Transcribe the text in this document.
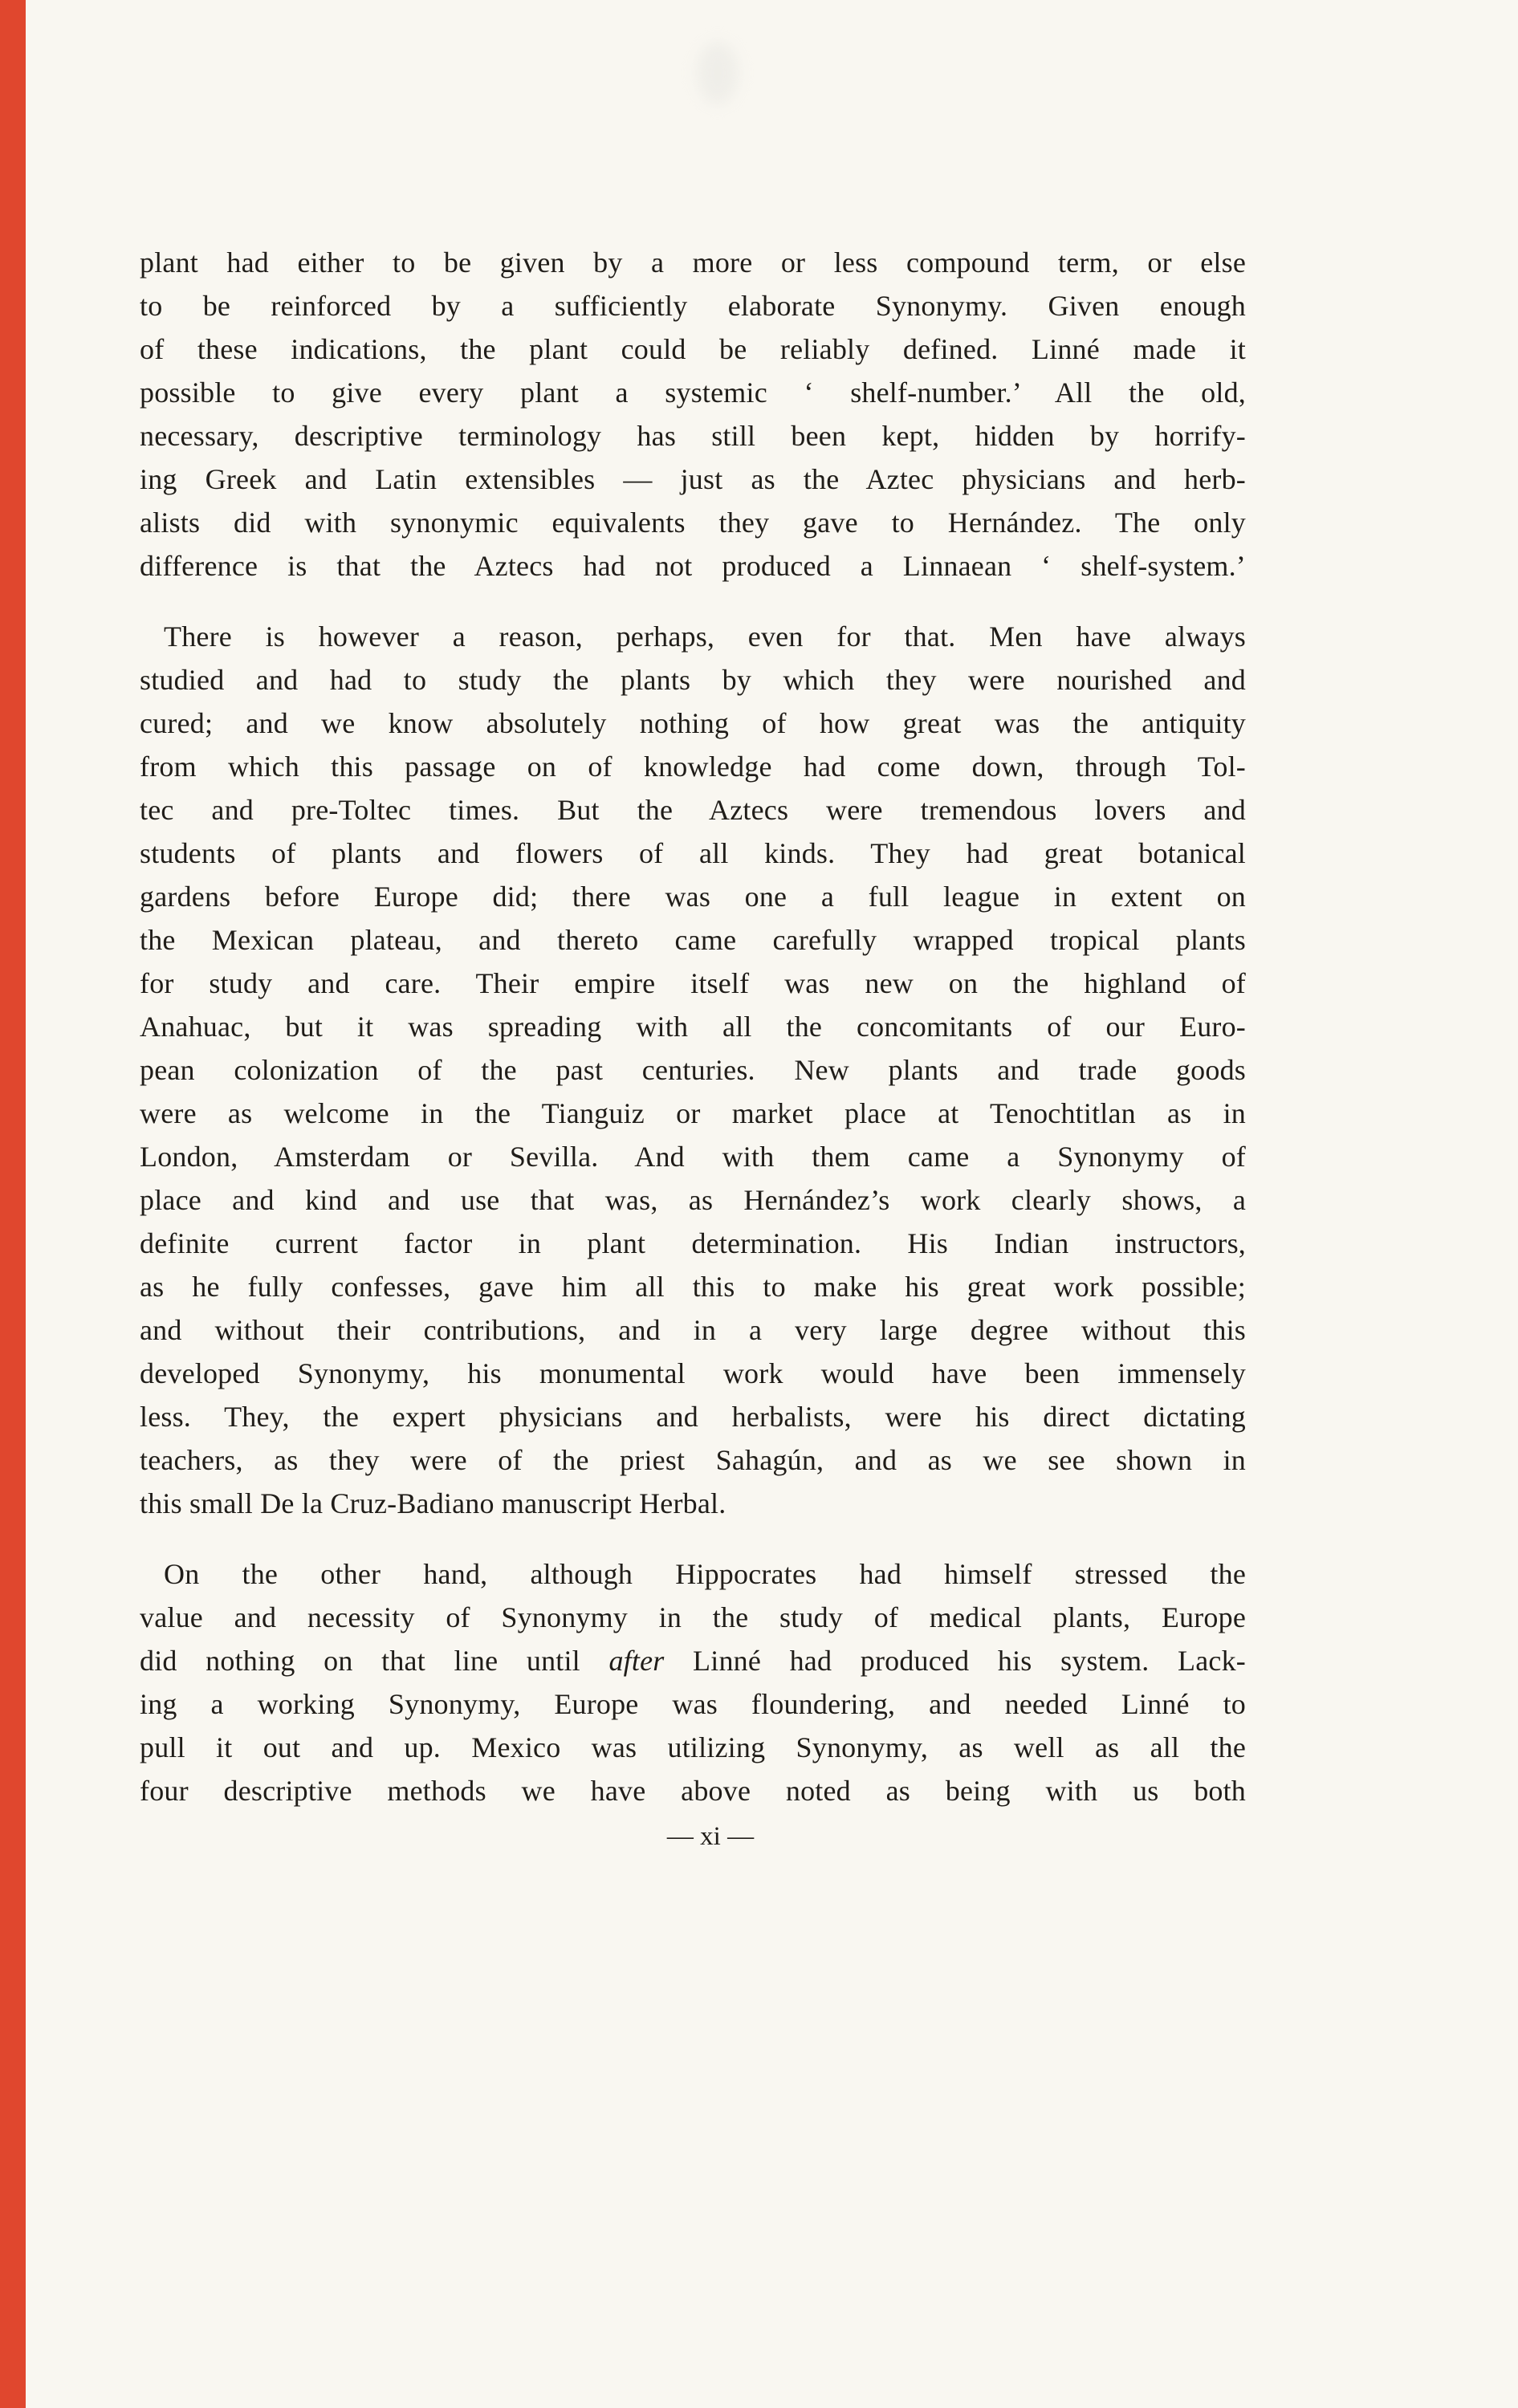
plant had either to be given by a more or less compound term, or else
to be reinforced by a sufficiently elaborate Synonymy. Given enough
of these indications, the plant could be reliably defined. Linné made it
possible to give every plant a systemic ‘ shelf-number.’ All the old,
necessary, descriptive terminology has still been kept, hidden by horrify-
ing Greek and Latin extensibles — just as the Aztec physicians and herb-
alists did with synonymic equivalents they gave to Hernández. The only
difference is that the Aztecs had not produced a Linnaean ‘ shelf-system.’

There is however a reason, perhaps, even for that. Men have always
studied and had to study the plants by which they were nourished and
cured; and we know absolutely nothing of how great was the antiquity
from which this passage on of knowledge had come down, through Tol-
tec and pre-Toltec times. But the Aztecs were tremendous lovers and
students of plants and flowers of all kinds. They had great botanical
gardens before Europe did; there was one a full league in extent on
the Mexican plateau, and thereto came carefully wrapped tropical plants
for study and care. Their empire itself was new on the highland of
Anahuac, but it was spreading with all the concomitants of our Euro-
pean colonization of the past centuries. New plants and trade goods
were as welcome in the Tianguiz or market place at Tenochtitlan as in
London, Amsterdam or Sevilla. And with them came a Synonymy of
place and kind and use that was, as Hernández’s work clearly shows, a
definite current factor in plant determination. His Indian instructors,
as he fully confesses, gave him all this to make his great work possible;
and without their contributions, and in a very large degree without this
developed Synonymy, his monumental work would have been immensely
less. They, the expert physicians and herbalists, were his direct dictating
teachers, as they were of the priest Sahagún, and as we see shown in
this small De la Cruz-Badiano manuscript Herbal.

On the other hand, although Hippocrates had himself stressed the
value and necessity of Synonymy in the study of medical plants, Europe
did nothing on that line until after Linné had produced his system. Lack-
ing a working Synonymy, Europe was floundering, and needed Linné to
pull it out and up. Mexico was utilizing Synonymy, as well as all the
four descriptive methods we have above noted as being with us both

— xi —
